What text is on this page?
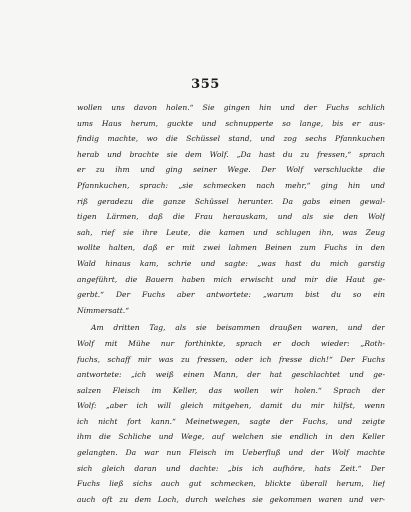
355
wollen uns davon holen.“ Sie gingen hin und der Fuchs schlich
ums Haus herum, guckte und schnupperte so lange, bis er aus-
findig machte, wo die Schüssel stand, und zog sechs Pfannkuchen
herab und brachte sie dem Wolf. „Da hast du zu fressen,“ sprach
er zu ihm und ging seiner Wege. Der Wolf verschluckte die
Pfannkuchen, sprach: „sie schmecken nach mehr,“ ging hin und
riß geradezu die ganze Schüssel herunter. Da gabs einen gewal-
tigen Lärmen, daß die Frau herauskam, und als sie den Wolf
sah, rief sie ihre Leute, die kamen und schlugen ihn, was Zeug
wollte halten, daß er mit zwei lahmen Beinen zum Fuchs in den
Wald hinaus kam, schrie und sagte: „was hast du mich garstig
angeführt, die Bauern haben mich erwischt und mir die Haut ge-
gerbt.“ Der Fuchs aber antwortete: „warum bist du so ein
Nimmersatt.“
Am dritten Tag, als sie beisammen draußen waren, und der
Wolf mit Mühe nur forthinkte, sprach er doch wieder: „Roth-
fuchs, schaff mir was zu fressen, oder ich fresse dich!“ Der Fuchs
antwortete: „ich weiß einen Mann, der hat geschlachtet und ge-
salzen Fleisch im Keller, das wollen wir holen.“ Sprach der
Wolf: „aber ich will gleich mitgehen, damit du mir hilfst, wenn
ich nicht fort kann.“ Meinetwegen, sagte der Fuchs, und zeigte
ihm die Schliche und Wege, auf welchen sie endlich in den Keller
gelangten. Da war nun Fleisch im Ueberfluß und der Wolf machte
sich gleich daran und dachte: „bis ich aufhöre, hats Zeit.“ Der
Fuchs ließ sichs auch gut schmecken, blickte überall herum, lief
auch oft zu dem Loch, durch welches sie gekommen waren und ver-
